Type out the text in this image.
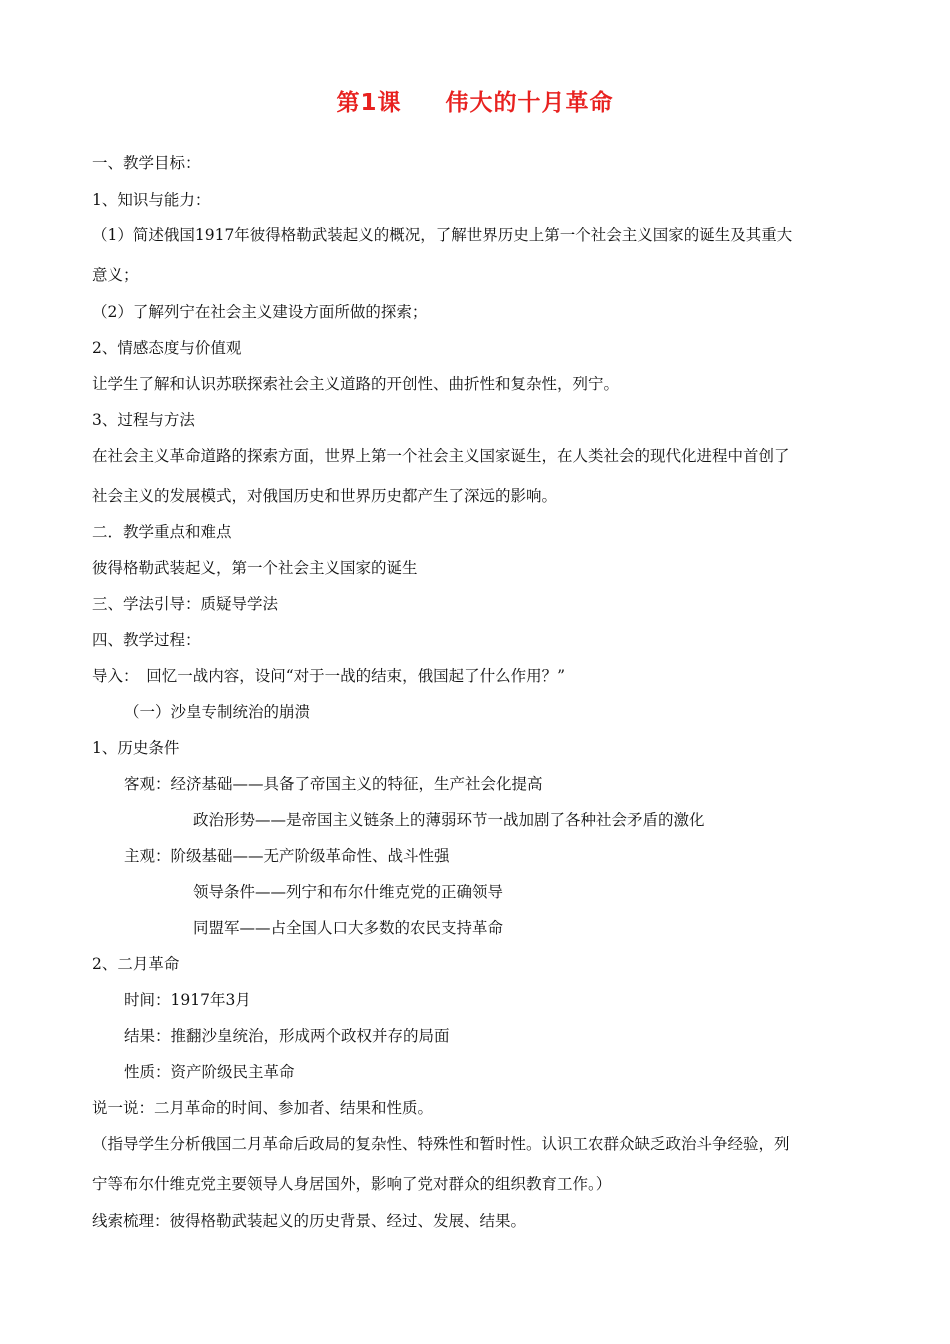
第1课 伟大的十月革命
一、教学目标：
1、知识与能力：
（1）简述俄国1917年彼得格勒武装起义的概况，了解世界历史上第一个社会主义国家的诞生及其重大
意义；
（2）了解列宁在社会主义建设方面所做的探索；
2、情感态度与价值观
让学生了解和认识苏联探索社会主义道路的开创性、曲折性和复杂性，列宁。
3、过程与方法
在社会主义革命道路的探索方面，世界上第一个社会主义国家诞生，在人类社会的现代化进程中首创了
社会主义的发展模式，对俄国历史和世界历史都产生了深远的影响。
二．教学重点和难点
彼得格勒武装起义，第一个社会主义国家的诞生
三、学法引导：质疑导学法
四、教学过程：
导入：　回忆一战内容，设问“对于一战的结束，俄国起了什么作用？”
（一）沙皇专制统治的崩溃
1、历史条件
客观：经济基础——具备了帝国主义的特征，生产社会化提高
政治形势——是帝国主义链条上的薄弱环节一战加剧了各种社会矛盾的激化
主观：阶级基础——无产阶级革命性、战斗性强
领导条件——列宁和布尔什维克党的正确领导
同盟军——占全国人口大多数的农民支持革命
2、二月革命
时间：1917年3月
结果：推翻沙皇统治，形成两个政权并存的局面
性质：资产阶级民主革命
说一说：二月革命的时间、参加者、结果和性质。
（指导学生分析俄国二月革命后政局的复杂性、特殊性和暂时性。认识工农群众缺乏政治斗争经验，列
宁等布尔什维克党主要领导人身居国外，影响了党对群众的组织教育工作。）
线索梳理：彼得格勒武装起义的历史背景、经过、发展、结果。
